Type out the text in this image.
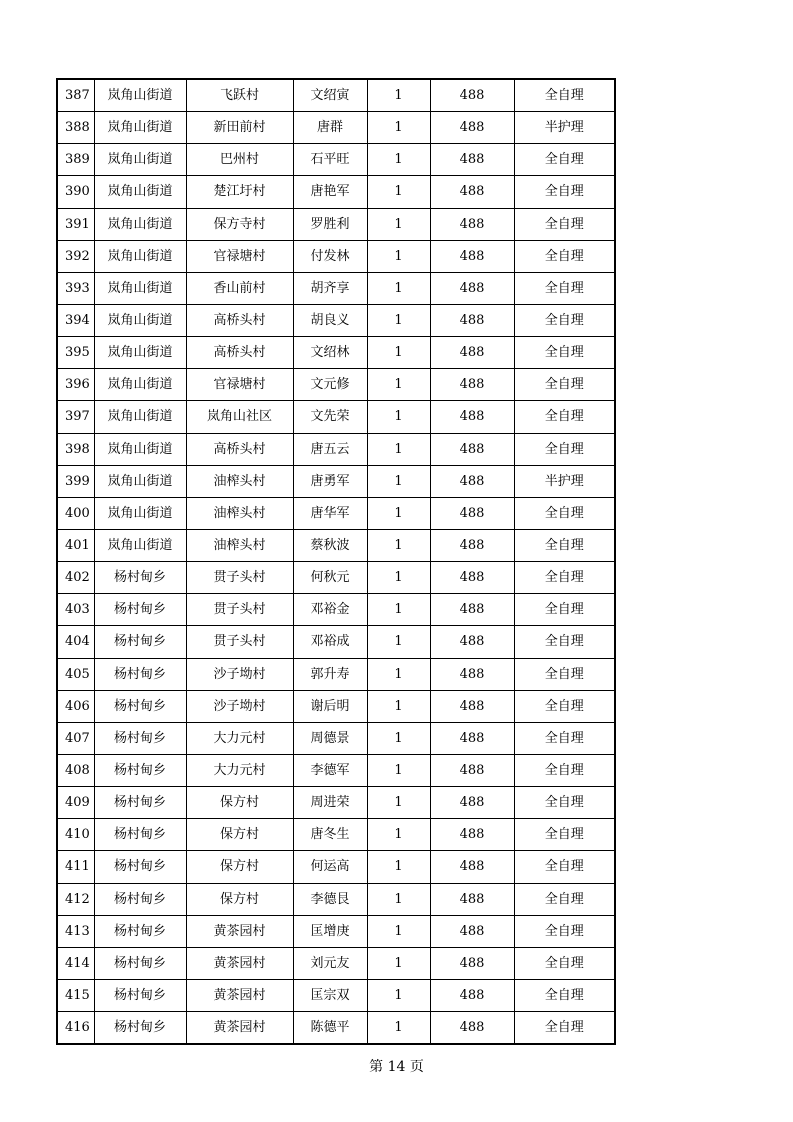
387	岚角山街道	飞跃村	文绍寅	1	488	全自理
388	岚角山街道	新田前村	唐群	1	488	半护理
389	岚角山街道	巴州村	石平旺	1	488	全自理
390	岚角山街道	楚江圩村	唐艳军	1	488	全自理
391	岚角山街道	保方寺村	罗胜利	1	488	全自理
392	岚角山街道	官禄塘村	付发林	1	488	全自理
393	岚角山街道	香山前村	胡齐享	1	488	全自理
394	岚角山街道	高桥头村	胡良义	1	488	全自理
395	岚角山街道	高桥头村	文绍林	1	488	全自理
396	岚角山街道	官禄塘村	文元修	1	488	全自理
397	岚角山街道	岚角山社区	文先荣	1	488	全自理
398	岚角山街道	高桥头村	唐五云	1	488	全自理
399	岚角山街道	油榨头村	唐勇军	1	488	半护理
400	岚角山街道	油榨头村	唐华军	1	488	全自理
401	岚角山街道	油榨头村	蔡秋波	1	488	全自理
402	杨村甸乡	贯子头村	何秋元	1	488	全自理
403	杨村甸乡	贯子头村	邓裕金	1	488	全自理
404	杨村甸乡	贯子头村	邓裕成	1	488	全自理
405	杨村甸乡	沙子坳村	郭升寿	1	488	全自理
406	杨村甸乡	沙子坳村	谢后明	1	488	全自理
407	杨村甸乡	大力元村	周德景	1	488	全自理
408	杨村甸乡	大力元村	李德军	1	488	全自理
409	杨村甸乡	保方村	周进荣	1	488	全自理
410	杨村甸乡	保方村	唐冬生	1	488	全自理
411	杨村甸乡	保方村	何运高	1	488	全自理
412	杨村甸乡	保方村	李德艮	1	488	全自理
413	杨村甸乡	黄茶园村	匡增庚	1	488	全自理
414	杨村甸乡	黄茶园村	刘元友	1	488	全自理
415	杨村甸乡	黄茶园村	匡宗双	1	488	全自理
416	杨村甸乡	黄茶园村	陈德平	1	488	全自理
第 14 页
